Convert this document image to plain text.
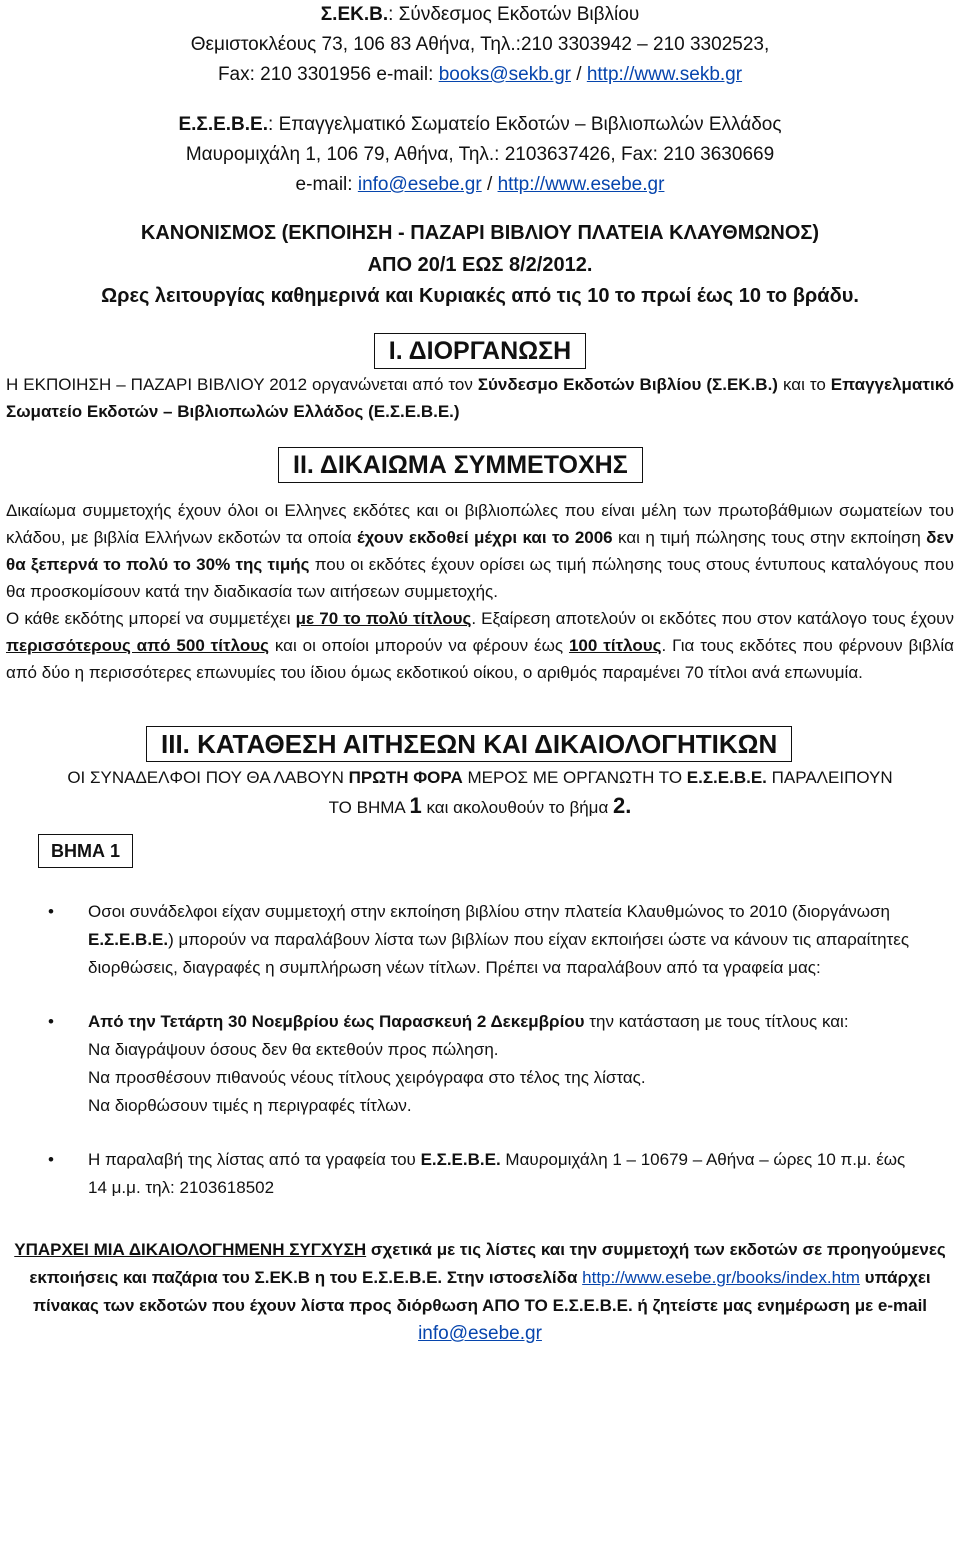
Σ.ΕΚ.Β.: Σύνδεσμος Εκδοτών Βιβλίου
Θεμιστοκλέους 73, 106 83 Αθήνα, Τηλ.:210 3303942 – 210 3302523,
Fax: 210 3301956 e-mail: books@sekb.gr / http://www.sekb.gr
Ε.Σ.Ε.Β.Ε.: Επαγγελματικό Σωματείο Εκδοτών – Βιβλιοπωλών Ελλάδος
Μαυρομιχάλη 1, 106 79, Αθήνα, Τηλ.: 2103637426, Fax: 210 3630669
e-mail: info@esebe.gr / http://www.esebe.gr
ΚΑΝΟΝΙΣΜΟΣ (ΕΚΠΟΙΗΣΗ - ΠΑΖΑΡΙ ΒΙΒΛΙΟΥ ΠΛΑΤΕΙΑ ΚΛΑΥΘΜΩΝΟΣ)
ΑΠΟ 20/1 ΕΩΣ 8/2/2012.
Ωρες λειτουργίας καθημερινά και Κυριακές από τις 10 το πρωί έως 10 το βράδυ.
Ι. ΔΙΟΡΓΑΝΩΣΗ

Η ΕΚΠΟΙΗΣΗ – ΠΑΖΑΡΙ ΒΙΒΛΙΟΥ 2012 οργανώνεται από τον Σύνδεσμο Εκδοτών Βιβλίου (Σ.ΕΚ.Β.) και το Επαγγελματικό Σωματείο Εκδοτών – Βιβλιοπωλών Ελλάδος (Ε.Σ.Ε.Β.Ε.)

ΙΙ. ΔΙΚΑΙΩΜΑ ΣΥΜΜΕΤΟΧΗΣ

Δικαίωμα συμμετοχής έχουν όλοι οι Ελληνες εκδότες και οι βιβλιοπώλες που είναι μέλη των πρωτοβάθμιων σωματείων του κλάδου, με βιβλία Ελλήνων εκδοτών τα οποία έχουν εκδοθεί μέχρι και το 2006 και η τιμή πώλησης τους στην εκποίηση δεν θα ξεπερνά το πολύ το 30% της τιμής που οι εκδότες έχουν ορίσει ως τιμή πώλησης τους στους έντυπους καταλόγους που θα προσκομίσουν κατά την διαδικασία των αιτήσεων συμμετοχής.

Ο κάθε εκδότης μπορεί να συμμετέχει με 70 το πολύ τίτλους. Εξαίρεση αποτελούν οι εκδότες που στον κατάλογο τους έχουν περισσότερους από 500 τίτλους και οι οποίοι μπορούν να φέρουν έως 100 τίτλους. Για τους εκδότες που φέρνουν βιβλία από δύο η περισσότερες επωνυμίες του ίδιου όμως εκδοτικού οίκου, ο αριθμός παραμένει 70 τίτλοι ανά επωνυμία.

ΙΙΙ. ΚΑΤΑΘΕΣΗ ΑΙΤΗΣΕΩΝ ΚΑΙ ΔΙΚΑΙΟΛΟΓΗΤΙΚΩΝ
ΟΙ ΣΥΝΑΔΕΛΦΟΙ ΠΟΥ ΘΑ ΛΑΒΟΥΝ ΠΡΩΤΗ ΦΟΡΑ ΜΕΡΟΣ ΜΕ ΟΡΓΑΝΩΤΗ ΤΟ Ε.Σ.Ε.Β.Ε. ΠΑΡΑΛΕΙΠΟΥΝ
ΤΟ ΒΗΜΑ 1 και ακολουθούν το βήμα 2.
ΒΗΜΑ 1
• Οσοι συνάδελφοι είχαν συμμετοχή στην εκποίηση βιβλίου στην πλατεία Κλαυθμώνος το 2010 (διοργάνωση Ε.Σ.Ε.Β.Ε.) μπορούν να παραλάβουν λίστα των βιβλίων που είχαν εκποιήσει ώστε να κάνουν τις απαραίτητες διορθώσεις, διαγραφές η συμπλήρωση νέων τίτλων. Πρέπει να παραλάβουν από τα γραφεία μας:
• Από την Τετάρτη 30 Νοεμβρίου έως Παρασκευή 2 Δεκεμβρίου την κατάσταση με τους τίτλους και:
Να διαγράψουν όσους δεν θα εκτεθούν προς πώληση.
Να προσθέσουν πιθανούς νέους τίτλους χειρόγραφα στο τέλος της λίστας.
Να διορθώσουν τιμές η περιγραφές τίτλων.
• Η παραλαβή της λίστας από τα γραφεία του Ε.Σ.Ε.Β.Ε. Μαυρομιχάλη 1 – 10679 – Αθήνα – ώρες 10 π.μ. έως 14 μ.μ. τηλ: 2103618502
ΥΠΑΡΧΕΙ ΜΙΑ ΔΙΚΑΙΟΛΟΓΗΜΕΝΗ ΣΥΓΧΥΣΗ σχετικά με τις λίστες και την συμμετοχή των εκδοτών σε προηγούμενες εκποιήσεις και παζάρια του Σ.ΕΚ.Β η του Ε.Σ.Ε.Β.Ε. Στην ιστοσελίδα http://www.esebe.gr/books/index.htm υπάρχει πίνακας των εκδοτών που έχουν λίστα προς διόρθωση ΑΠΟ ΤΟ Ε.Σ.Ε.Β.Ε. ή ζητείστε μας ενημέρωση με e-mail info@esebe.gr
